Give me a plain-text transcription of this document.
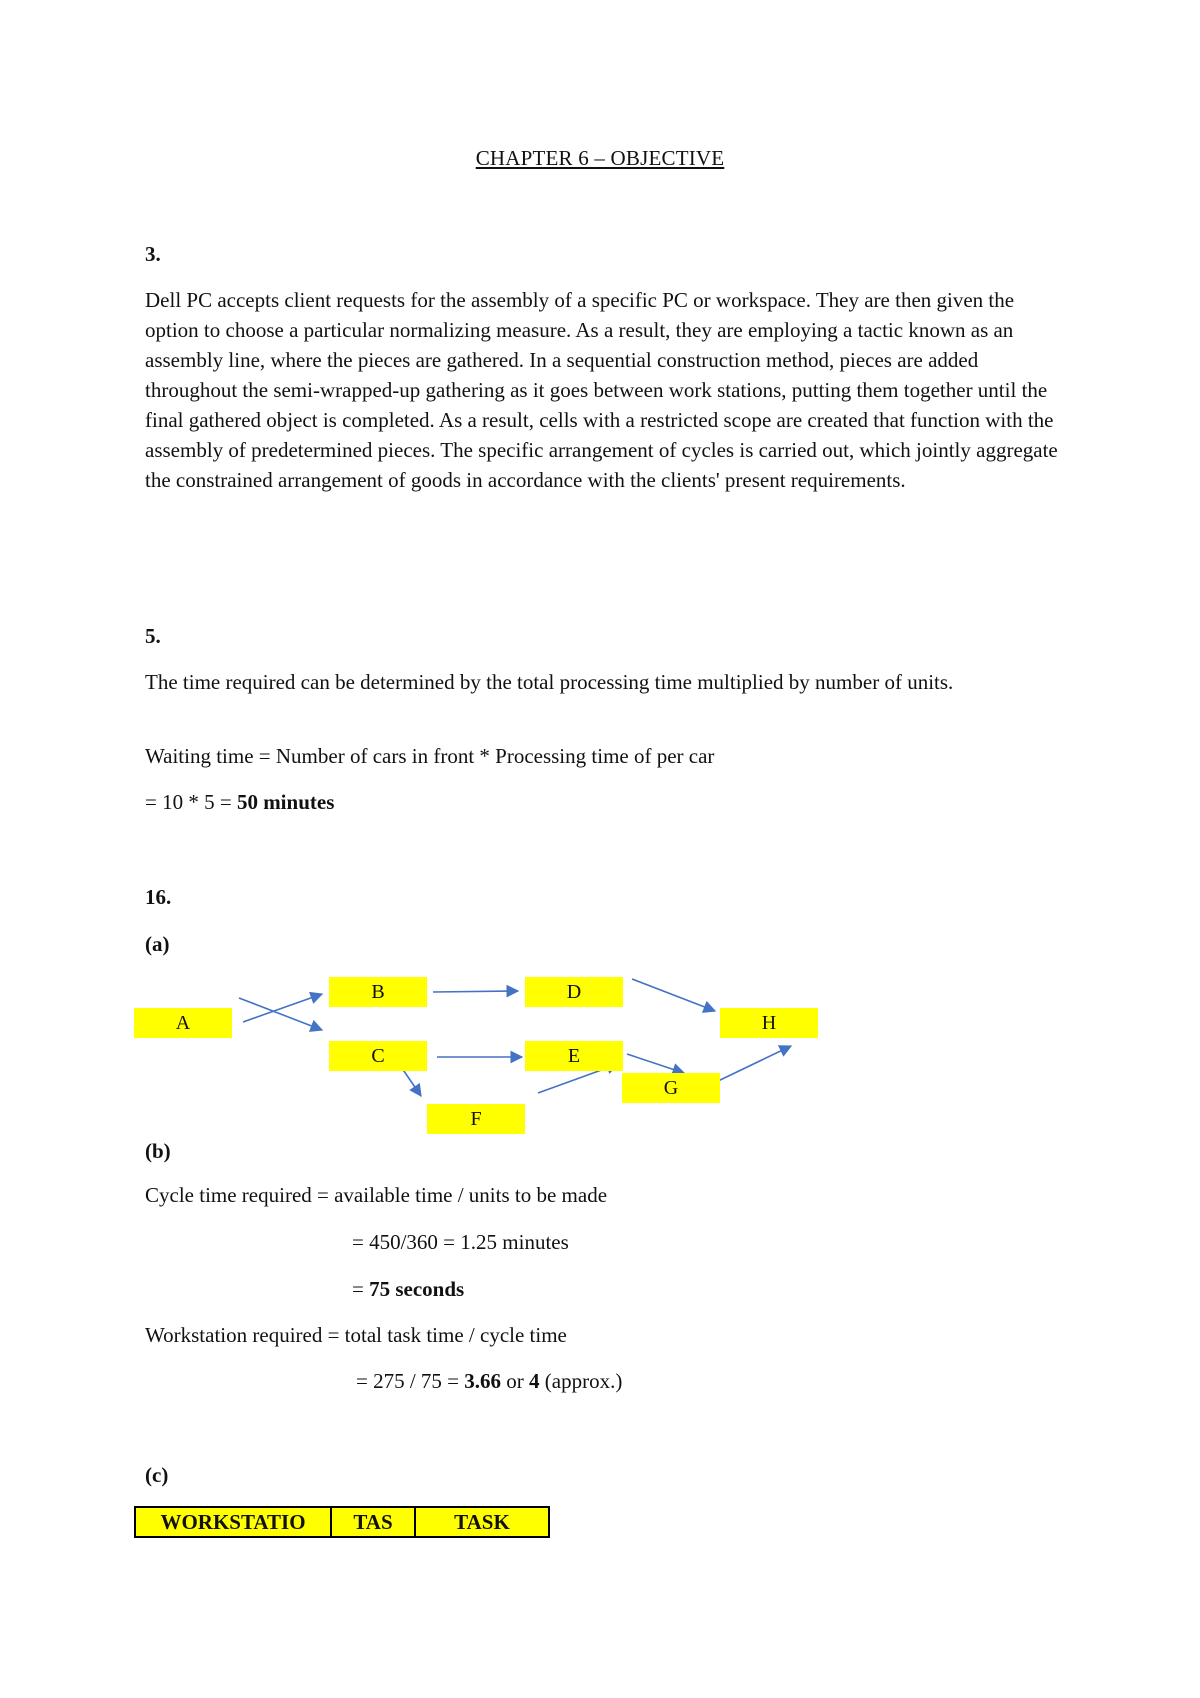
CHAPTER 6 – OBJECTIVE
3.
Dell PC accepts client requests for the assembly of a specific PC or workspace. They are then given the option to choose a particular normalizing measure. As a result, they are employing a tactic known as an assembly line, where the pieces are gathered. In a sequential construction method, pieces are added throughout the semi-wrapped-up gathering as it goes between work stations, putting them together until the final gathered object is completed. As a result, cells with a restricted scope are created that function with the assembly of predetermined pieces. The specific arrangement of cycles is carried out, which jointly aggregate the constrained arrangement of goods in accordance with the clients' present requirements.
5.
The time required can be determined by the total processing time multiplied by number of units.
Waiting time = Number of cars in front * Processing time of per car
= 10 * 5 = 50 minutes
16.
(a)
A
B
C
D
E
F
G
H
(b)
Cycle time required = available time / units to be made
= 450/360 = 1.25 minutes
= 75 seconds
Workstation required = total task time / cycle time
= 275 / 75 = 3.66 or 4 (approx.)
(c)
WORKSTATIO	TAS	TASK
